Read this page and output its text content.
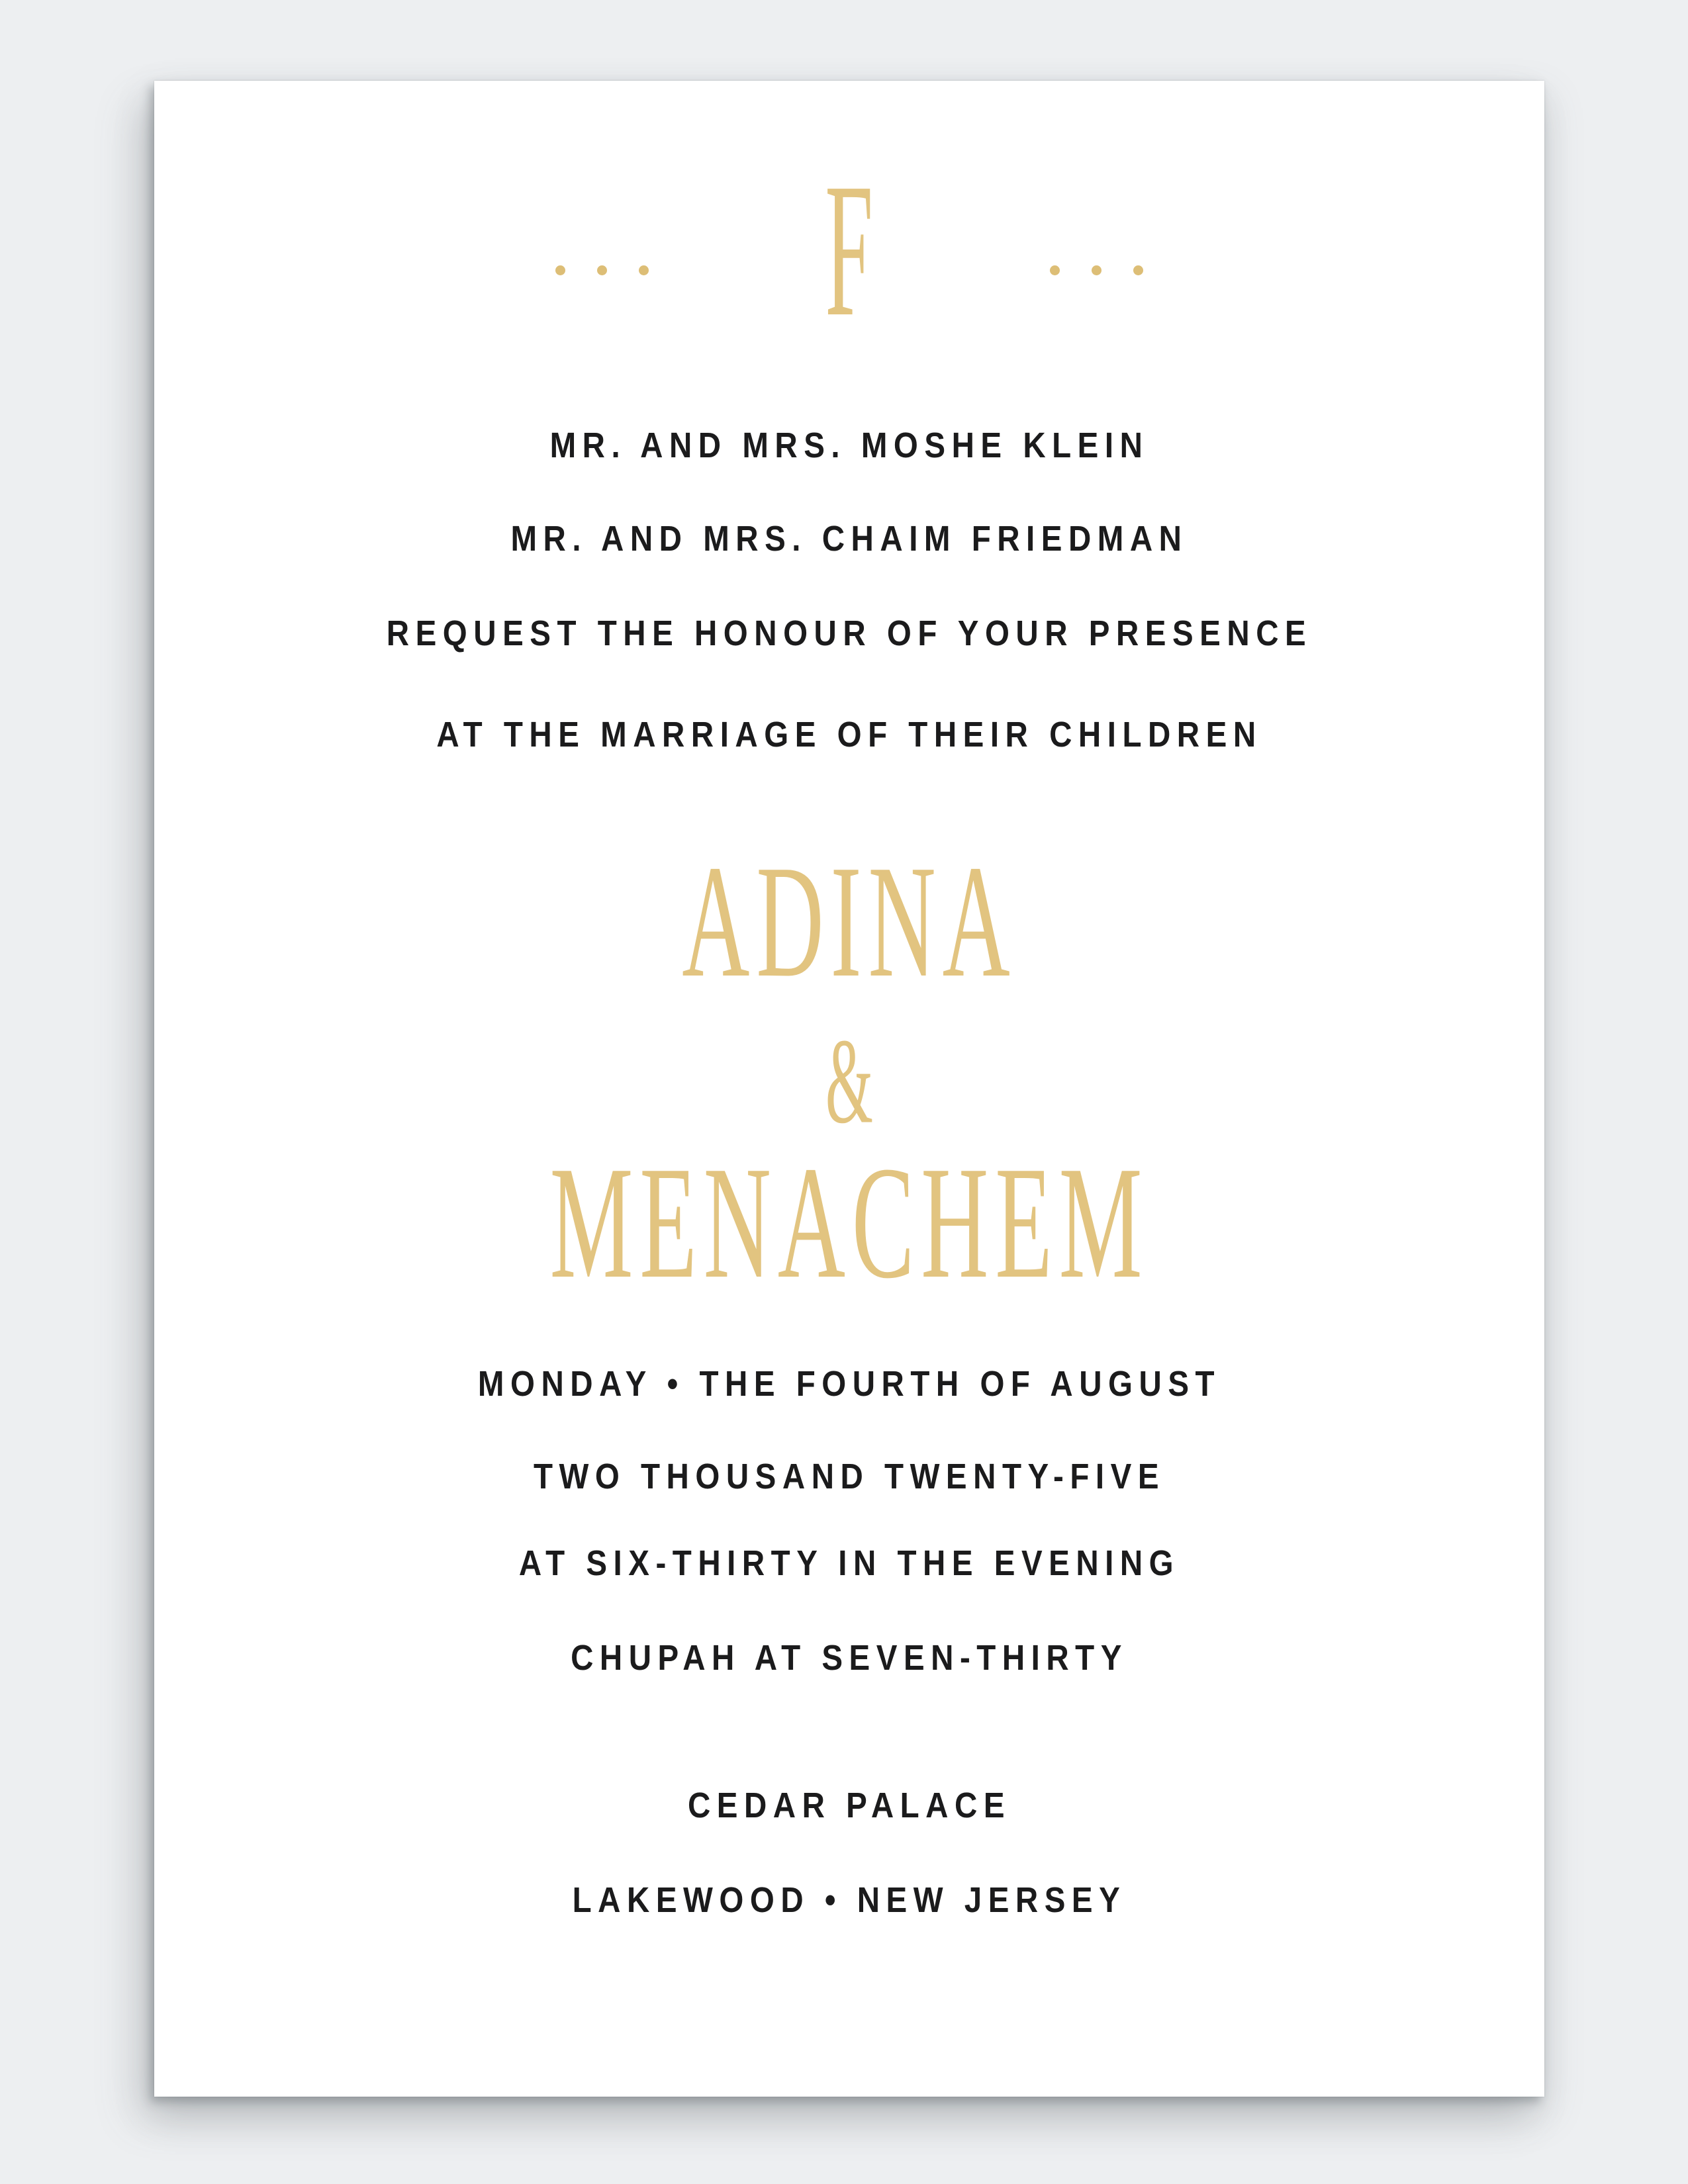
F
MR. AND MRS. MOSHE KLEIN
MR. AND MRS. CHAIM FRIEDMAN
REQUEST THE HONOUR OF YOUR PRESENCE
AT THE MARRIAGE OF THEIR CHILDREN
ADINA
&
MENACHEM
MONDAY • THE FOURTH OF AUGUST
TWO THOUSAND TWENTY-FIVE
AT SIX-THIRTY IN THE EVENING
CHUPAH AT SEVEN-THIRTY
CEDAR PALACE
LAKEWOOD • NEW JERSEY
